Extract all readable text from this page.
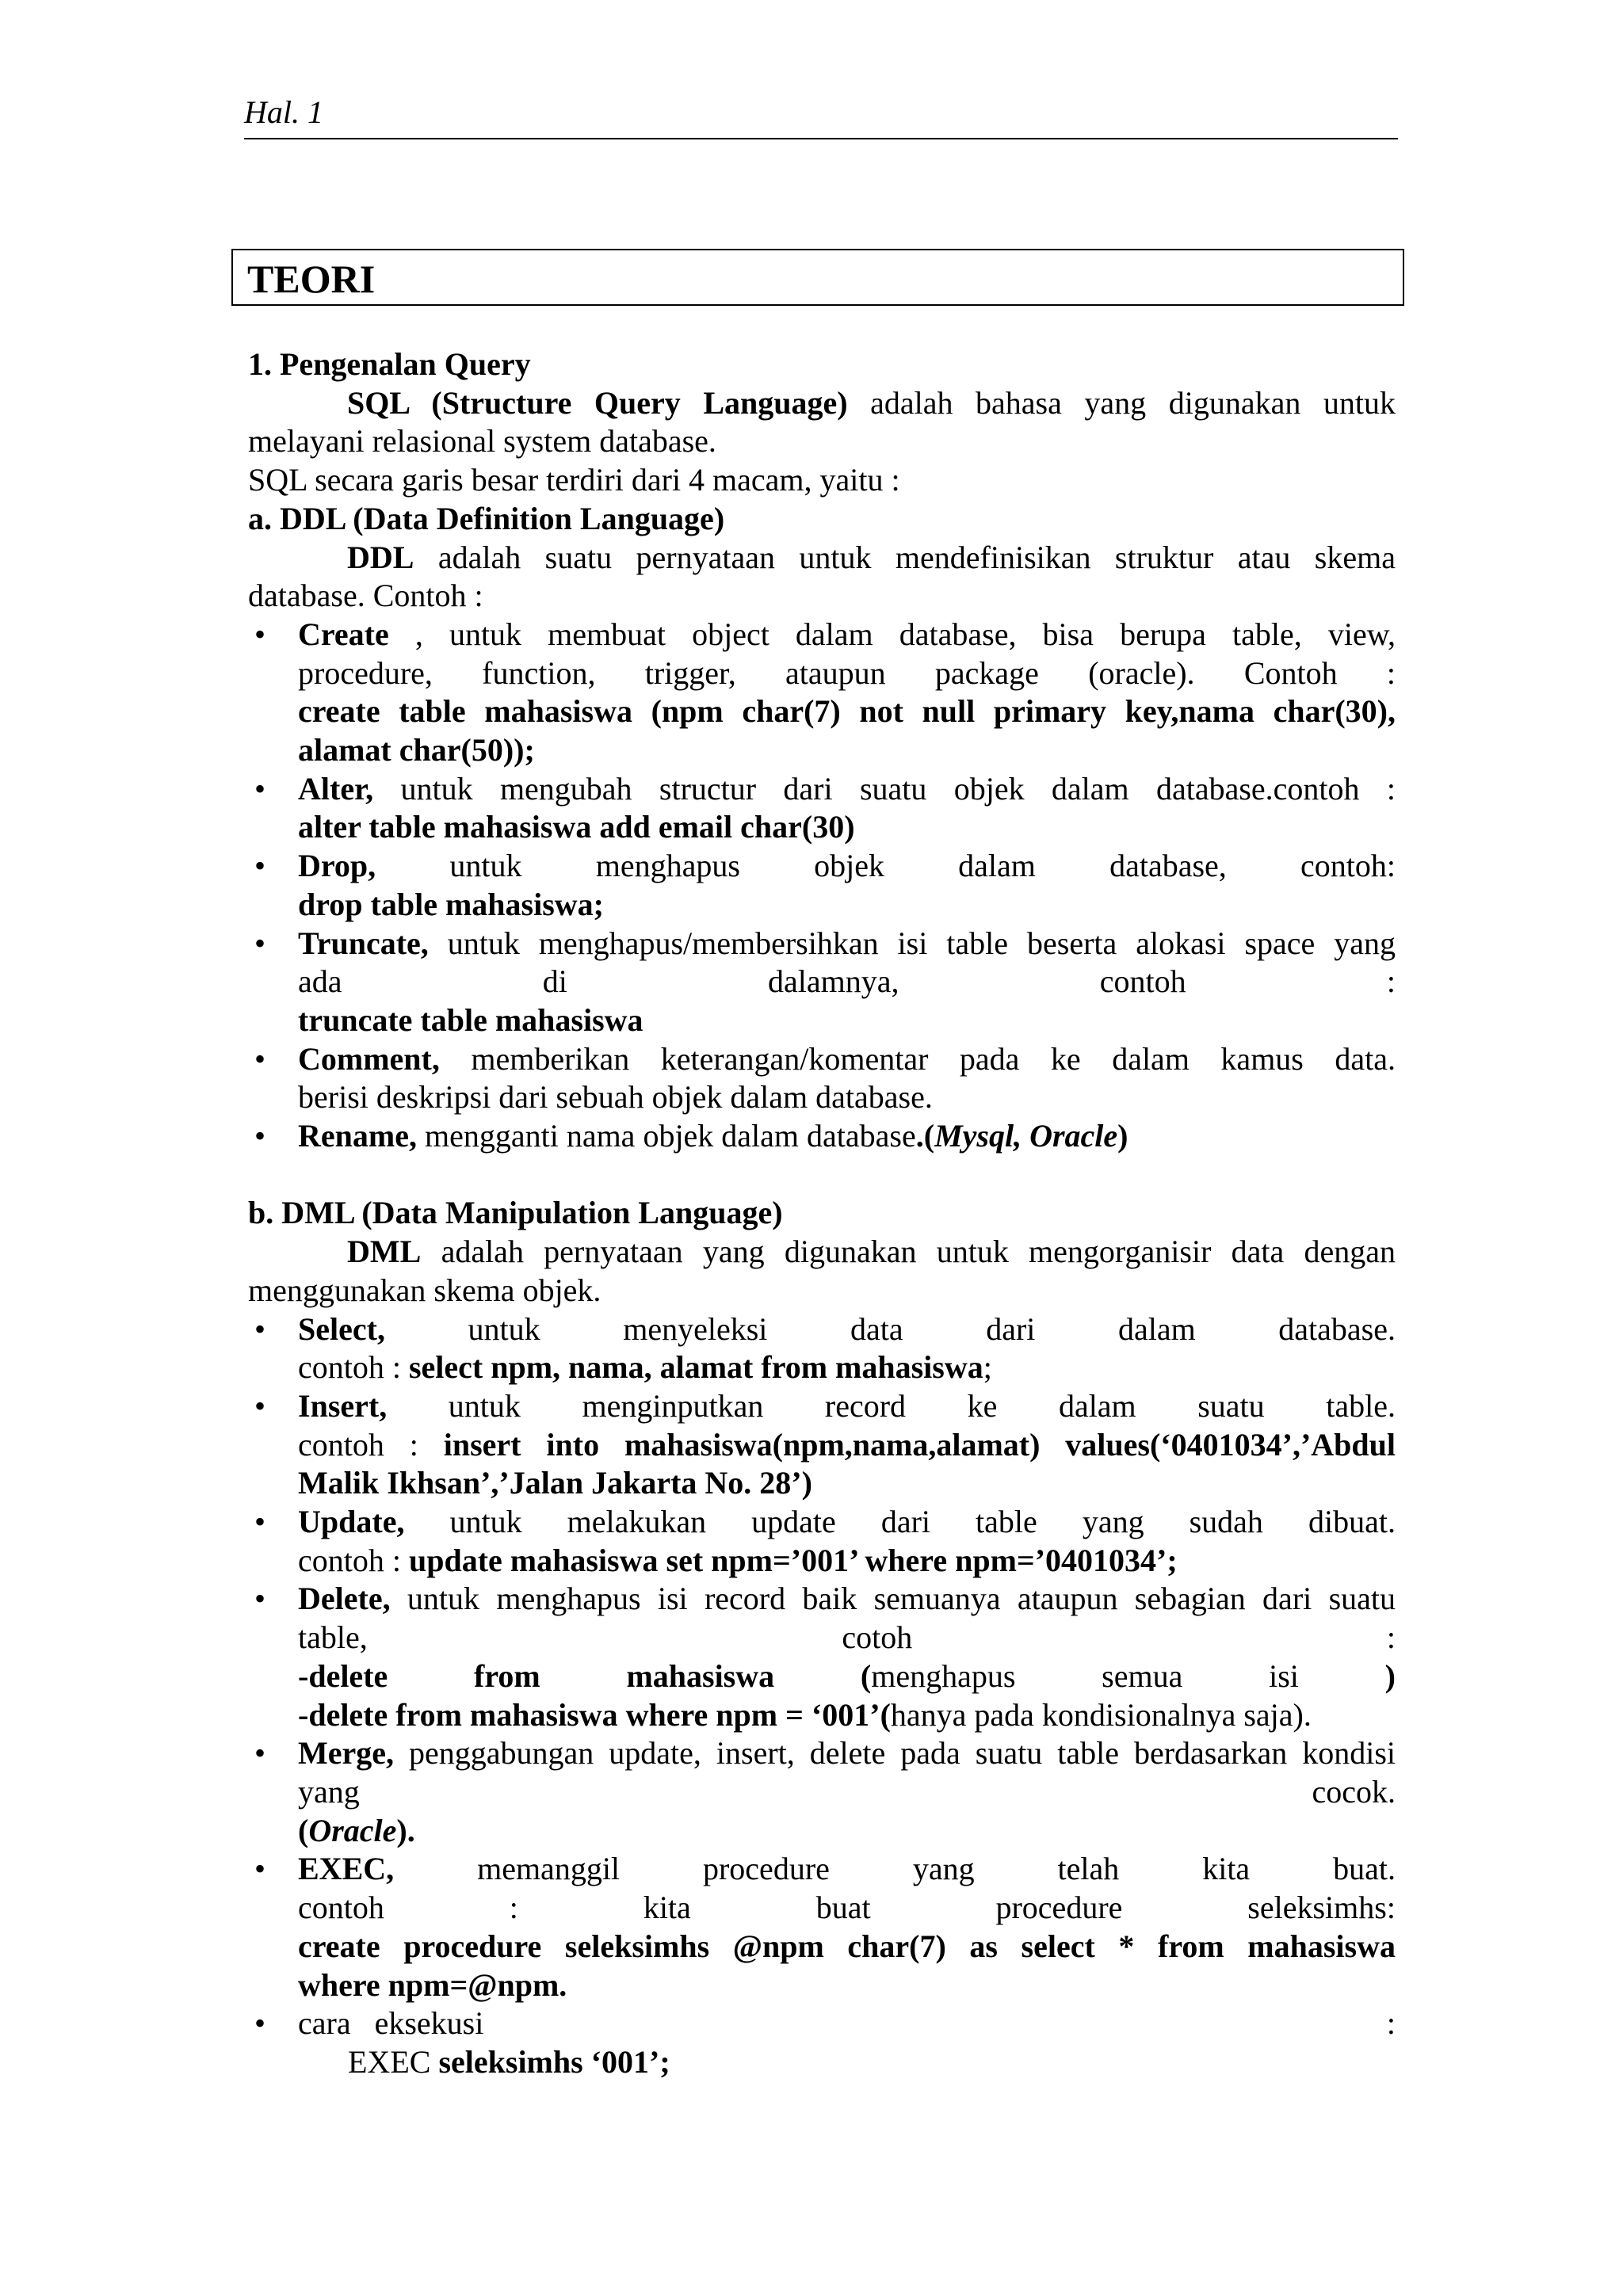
Hal. 1
TEORI

1. Pengenalan Query

SQL (Structure Query Language) adalah bahasa yang digunakan untuk

melayani relasional system database.

SQL secara garis besar terdiri dari 4 macam, yaitu :

a. DDL (Data Definition Language)

DDL adalah suatu pernyataan untuk mendefinisikan struktur atau skema

database. Contoh :

•

Create , untuk membuat object dalam database, bisa berupa table, view,

procedure, function, trigger, ataupun package (oracle). Contoh :

create table mahasiswa (npm char(7) not null primary key,nama char(30),

alamat char(50));

•

Alter, untuk mengubah structur dari suatu objek dalam database.contoh :

alter table mahasiswa add email char(30)

•

Drop, untuk menghapus objek dalam database, contoh:

drop table mahasiswa;

•

Truncate, untuk menghapus/membersihkan isi table beserta alokasi space yang

ada	di	dalamnya,	contoh	:

truncate table mahasiswa

•

Comment, memberikan keterangan/komentar pada ke dalam kamus data.

berisi deskripsi dari sebuah objek dalam database.

•

Rename, mengganti nama objek dalam database.(Mysql, Oracle)

b. DML (Data Manipulation Language)

DML adalah pernyataan yang digunakan untuk mengorganisir data dengan

menggunakan skema objek.

•

Select,	untuk	menyeleksi	data	dari	dalam	database.

contoh : select npm, nama, alamat from mahasiswa;

•

Insert, untuk menginputkan record ke dalam suatu table.

contoh : insert into mahasiswa(npm,nama,alamat) values(‘0401034’,’Abdul

Malik Ikhsan’,’Jalan Jakarta No. 28’)

•

Update, untuk melakukan update dari table yang sudah dibuat.

contoh : update mahasiswa set npm=’001’ where npm=’0401034’;

•

Delete, untuk menghapus isi record baik semuanya ataupun sebagian dari suatu

table,	cotoh	:

-delete	from	mahasiswa	(menghapus	semua	isi	)

-delete from mahasiswa where npm = ‘001’(hanya pada kondisionalnya saja).

•

Merge, penggabungan update, insert, delete pada suatu table berdasarkan kondisi

yang	cocok.

(Oracle).

•

EXEC,	memanggil	procedure	yang	telah	kita	buat.

contoh	:	kita	buat	procedure	seleksimhs:

create procedure seleksimhs @npm char(7) as select * from mahasiswa

where npm=@npm.

•

cara eksekusi	:

EXEC seleksimhs ‘001’;
